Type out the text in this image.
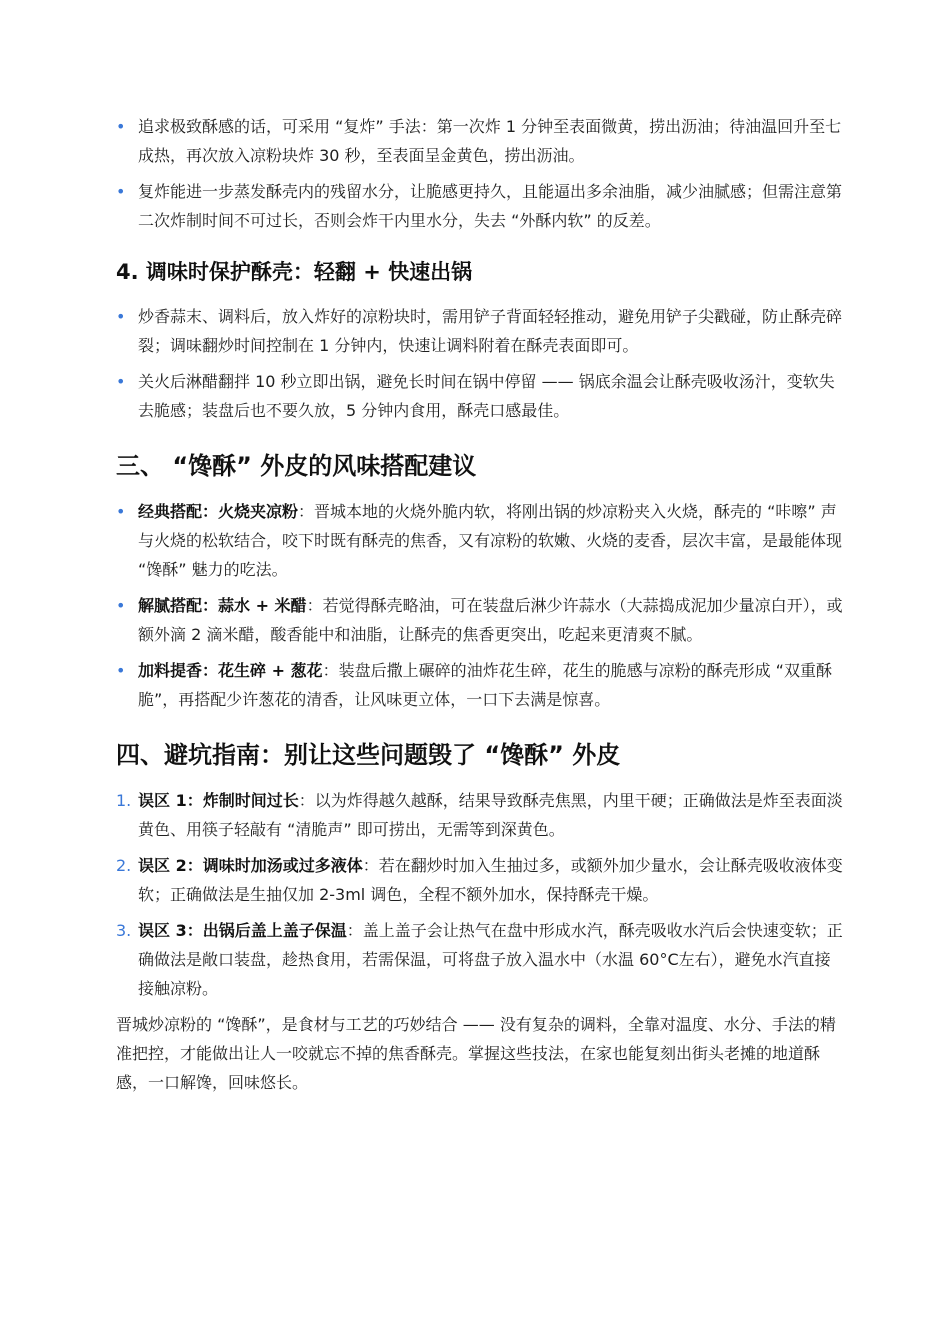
• 追求极致酥感的话，可采用 “复炸” 手法：第一次炸 1 分钟至表面微黄，捞出沥油；待油温回升至七成热，再次放入凉粉块炸 30 秒，至表面呈金黄色，捞出沥油。
• 复炸能进一步蒸发酥壳内的残留水分，让脆感更持久，且能逼出多余油脂，减少油腻感；但需注意第二次炸制时间不可过长，否则会炸干内里水分，失去 “外酥内软” 的反差。
4. 调味时保护酥壳：轻翻 + 快速出锅
• 炒香蒜末、调料后，放入炸好的凉粉块时，需用铲子背面轻轻推动，避免用铲子尖戳碰，防止酥壳碎裂；调味翻炒时间控制在 1 分钟内，快速让调料附着在酥壳表面即可。
• 关火后淋醋翻拌 10 秒立即出锅，避免长时间在锅中停留 —— 锅底余温会让酥壳吸收汤汁，变软失去脆感；装盘后也不要久放，5 分钟内食用，酥壳口感最佳。
三、 “馋酥” 外皮的风味搭配建议
• 经典搭配：火烧夹凉粉：晋城本地的火烧外脆内软，将刚出锅的炒凉粉夹入火烧，酥壳的 “咔嚓” 声与火烧的松软结合，咬下时既有酥壳的焦香，又有凉粉的软嫩、火烧的麦香，层次丰富，是最能体现 “馋酥” 魅力的吃法。
• 解腻搭配：蒜水 + 米醋：若觉得酥壳略油，可在装盘后淋少许蒜水（大蒜捣成泥加少量凉白开），或额外滴 2 滴米醋，酸香能中和油脂，让酥壳的焦香更突出，吃起来更清爽不腻。
• 加料提香：花生碎 + 葱花：装盘后撒上碾碎的油炸花生碎，花生的脆感与凉粉的酥壳形成 “双重酥脆”，再搭配少许葱花的清香，让风味更立体，一口下去满是惊喜。
四、避坑指南：别让这些问题毁了 “馋酥” 外皮
1. 误区 1：炸制时间过长：以为炸得越久越酥，结果导致酥壳焦黑，内里干硬；正确做法是炸至表面淡黄色、用筷子轻敲有 “清脆声” 即可捞出，无需等到深黄色。
2. 误区 2：调味时加汤或过多液体：若在翻炒时加入生抽过多，或额外加少量水，会让酥壳吸收液体变软；正确做法是生抽仅加 2-3ml 调色，全程不额外加水，保持酥壳干燥。
3. 误区 3：出锅后盖上盖子保温：盖上盖子会让热气在盘中形成水汽，酥壳吸收水汽后会快速变软；正确做法是敞口装盘，趁热食用，若需保温，可将盘子放入温水中（水温 60°C左右），避免水汽直接接触凉粉。

晋城炒凉粉的 “馋酥”，是食材与工艺的巧妙结合 —— 没有复杂的调料，全靠对温度、水分、手法的精准把控，才能做出让人一咬就忘不掉的焦香酥壳。掌握这些技法，在家也能复刻出街头老摊的地道酥感，一口解馋，回味悠长。
